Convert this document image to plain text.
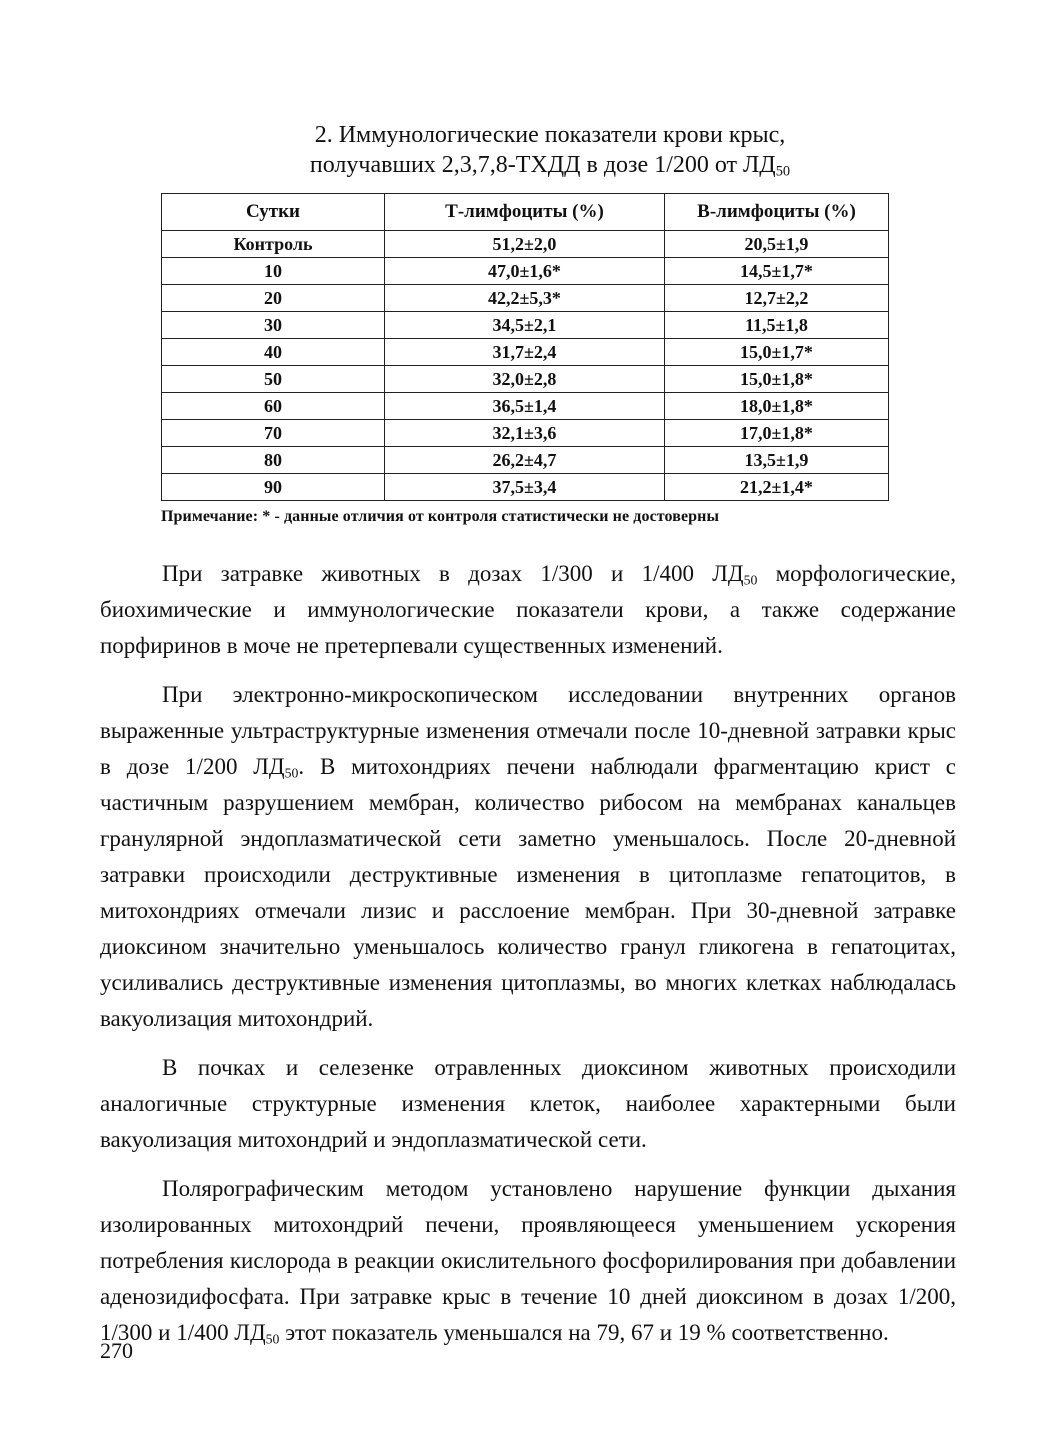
2. Иммунологические показатели крови крыс,
получавших 2,3,7,8-ТХДД в дозе 1/200 от $ЛД_{50}$
Сутки	Т-лимфоциты (%)	В-лимфоциты (%)
Контроль	51,2±2,0	20,5±1,9
10	47,0±1,6*	14,5±1,7*
20	42,2±5,3*	12,7±2,2
30	34,5±2,1	11,5±1,8
40	31,7±2,4	15,0±1,7*
50	32,0±2,8	15,0±1,8*
60	36,5±1,4	18,0±1,8*
70	32,1±3,6	17,0±1,8*
80	26,2±4,7	13,5±1,9
90	37,5±3,4	21,2±1,4*
Примечание: * - данные отличия от контроля статистически не достоверны

При затравке животных в дозах 1/300 и 1/400 $ЛД_{50}$ морфологические, биохимические и иммунологические показатели крови, а также содержание порфиринов в моче не претерпевали существенных изменений.

При электронно-микроскопическом исследовании внутренних органов выраженные ультраструктурные изменения отмечали после 10-дневной затравки крыс в дозе 1/200 $ЛД_{50}$. В митохондриях печени наблюдали фрагментацию крист с частичным разрушением мембран, количество рибосом на мембранах канальцев гранулярной эндоплазматической сети заметно уменьшалось. После 20-дневной затравки происходили деструктивные изменения в цитоплазме гепатоцитов, в митохондриях отмечали лизис и расслоение мембран. При 30-дневной затравке диоксином значительно уменьшалось количество гранул гликогена в гепатоцитах, усиливались деструктивные изменения цитоплазмы, во многих клетках наблюдалась вакуолизация митохондрий.

В почках и селезенке отравленных диоксином животных происходили аналогичные структурные изменения клеток, наиболее характерными были вакуолизация митохондрий и эндоплазматической сети.

Полярографическим методом установлено нарушение функции дыхания изолированных митохондрий печени, проявляющееся уменьшением ускорения потребления кислорода в реакции окислительного фосфорилирования при добавлении аденозидифосфата. При затравке крыс в течение 10 дней диоксином в дозах 1/200, 1/300 и 1/400 $ЛД_{50}$ этот показатель уменьшался на 79, 67 и 19 % соответственно.

270
